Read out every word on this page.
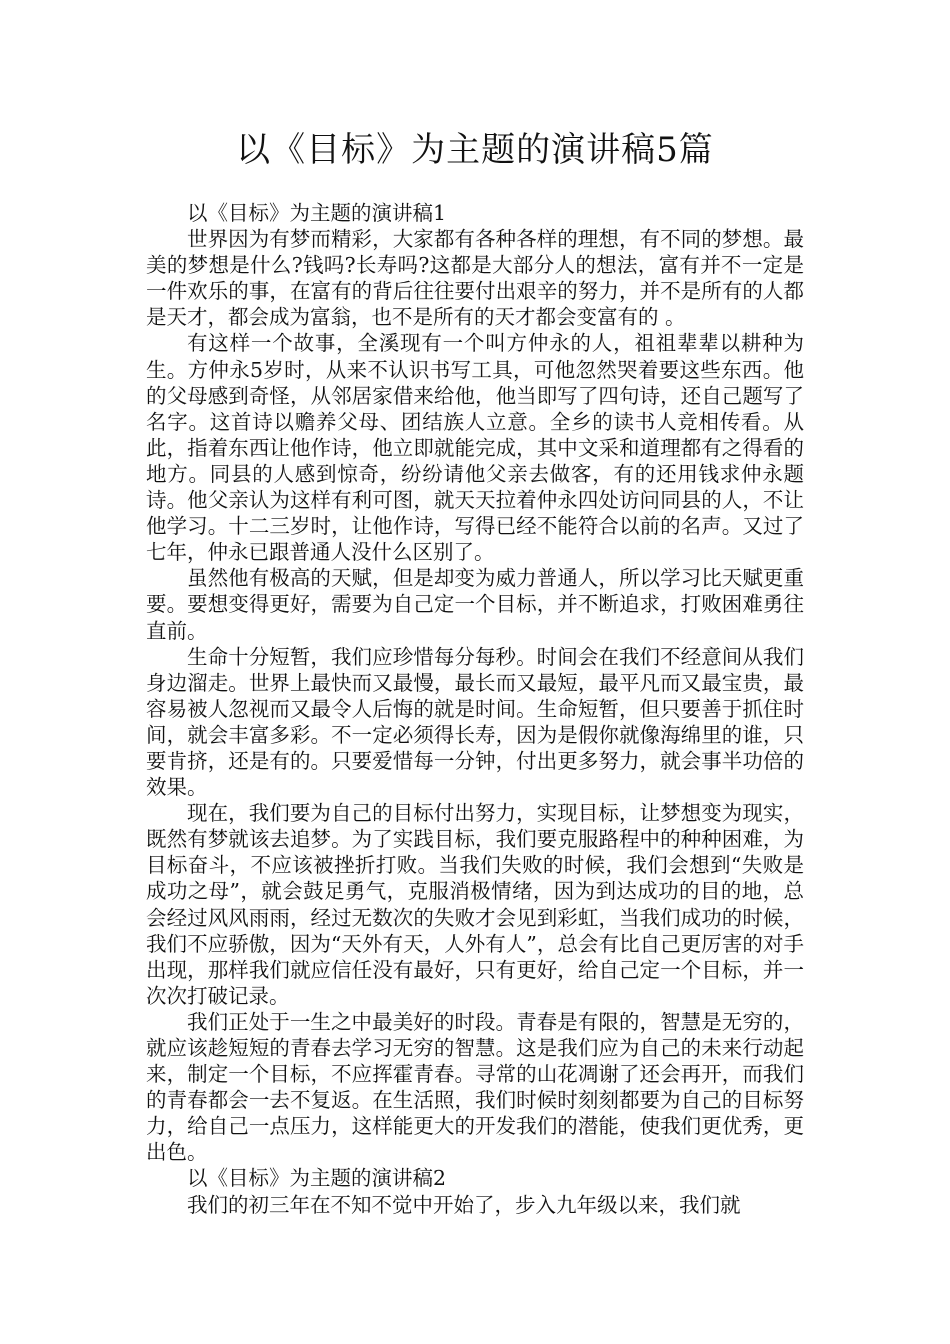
以《目标》为主题的演讲稿5篇

以《目标》为主题的演讲稿1

世界因为有梦而精彩，大家都有各种各样的理想，有不同的梦想。最美的梦想是什么?钱吗?长寿吗?这都是大部分人的想法，富有并不一定是一件欢乐的事，在富有的背后往往要付出艰辛的努力，并不是所有的人都是天才，都会成为富翁，也不是所有的天才都会变富有的 。

有这样一个故事，全溪现有一个叫方仲永的人，祖祖辈辈以耕种为生。方仲永5岁时，从来不认识书写工具，可他忽然哭着要这些东西。他的父母感到奇怪，从邻居家借来给他，他当即写了四句诗，还自己题写了名字。这首诗以赡养父母、团结族人立意。全乡的读书人竞相传看。从此，指着东西让他作诗，他立即就能完成，其中文采和道理都有之得看的地方。同县的人感到惊奇，纷纷请他父亲去做客，有的还用钱求仲永题诗。他父亲认为这样有利可图，就天天拉着仲永四处访问同县的人，不让他学习。十二三岁时，让他作诗，写得已经不能符合以前的名声。又过了七年，仲永已跟普通人没什么区别了。

虽然他有极高的天赋，但是却变为威力普通人，所以学习比天赋更重要。要想变得更好，需要为自己定一个目标，并不断追求，打败困难勇往直前。

生命十分短暂，我们应珍惜每分每秒。时间会在我们不经意间从我们身边溜走。世界上最快而又最慢，最长而又最短，最平凡而又最宝贵，最容易被人忽视而又最令人后悔的就是时间。生命短暂，但只要善于抓住时间，就会丰富多彩。不一定必须得长寿，因为是假你就像海绵里的谁，只要肯挤，还是有的。只要爱惜每一分钟，付出更多努力，就会事半功倍的效果。

现在，我们要为自己的目标付出努力，实现目标，让梦想变为现实，既然有梦就该去追梦。为了实践目标，我们要克服路程中的种种困难，为目标奋斗，不应该被挫折打败。当我们失败的时候，我们会想到“失败是成功之母”，就会鼓足勇气，克服消极情绪，因为到达成功的目的地，总会经过风风雨雨，经过无数次的失败才会见到彩虹，当我们成功的时候，我们不应骄傲，因为“天外有天，人外有人”，总会有比自己更厉害的对手出现，那样我们就应信任没有最好，只有更好，给自己定一个目标，并一次次打破记录。

我们正处于一生之中最美好的时段。青春是有限的，智慧是无穷的，就应该趁短短的青春去学习无穷的智慧。这是我们应为自己的未来行动起来，制定一个目标，不应挥霍青春。寻常的山花凋谢了还会再开，而我们的青春都会一去不复返。在生活照，我们时候时刻刻都要为自己的目标努力，给自己一点压力，这样能更大的开发我们的潜能，使我们更优秀，更出色。

以《目标》为主题的演讲稿2

我们的初三年在不知不觉中开始了，步入九年级以来，我们就
